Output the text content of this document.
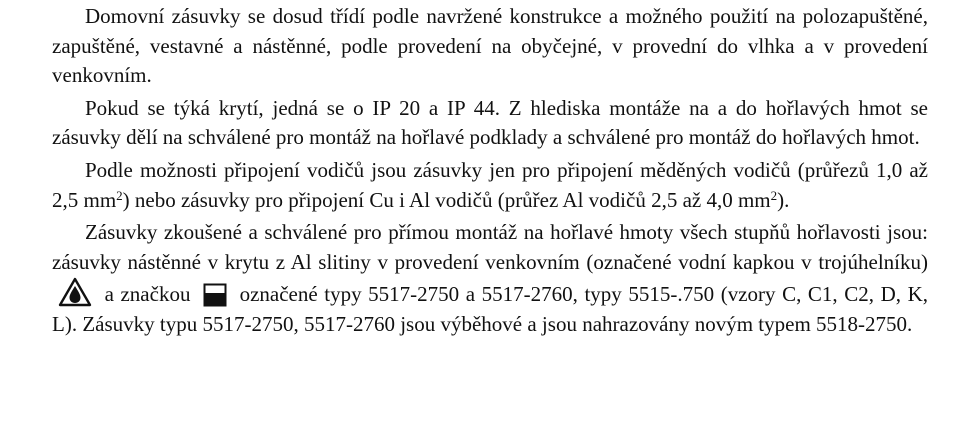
Domovní zásuvky se dosud třídí podle navržené konstrukce a možného použití na polozapuštěné, zapuštěné, vestavné a nástěnné, podle provedení na obyčejné, v provední do vlhka a v provedení venkovním.

Pokud se týká krytí, jedná se o IP 20 a IP 44. Z hlediska montáže na a do hořlavých hmot se zásuvky dělí na schválené pro montáž na hořlavé podklady a schválené pro montáž do hořlavých hmot.

Podle možnosti připojení vodičů jsou zásuvky jen pro připojení měděných vodičů (průřezů 1,0 až 2,5 $mm^2$) nebo zásuvky pro připojení Cu i Al vodičů (průřez Al vodičů 2,5 až 4,0 $mm^2$).

Zásuvky zkoušené a schválené pro přímou montáž na hořlavé hmoty všech stupňů hořlavosti jsou: zásuvky nástěnné v krytu z Al slitiny v provedení venkovním (označené vodní kapkou v trojúhelníku)
a značkou označené typy 5517-2750 a 5517-2760, typy 5515-.750 (vzory C, C1, C2, D, K, L). Zásuvky typu 5517-2750, 5517-2760 jsou výběhové a jsou nahrazovány novým typem 5518-2750.
